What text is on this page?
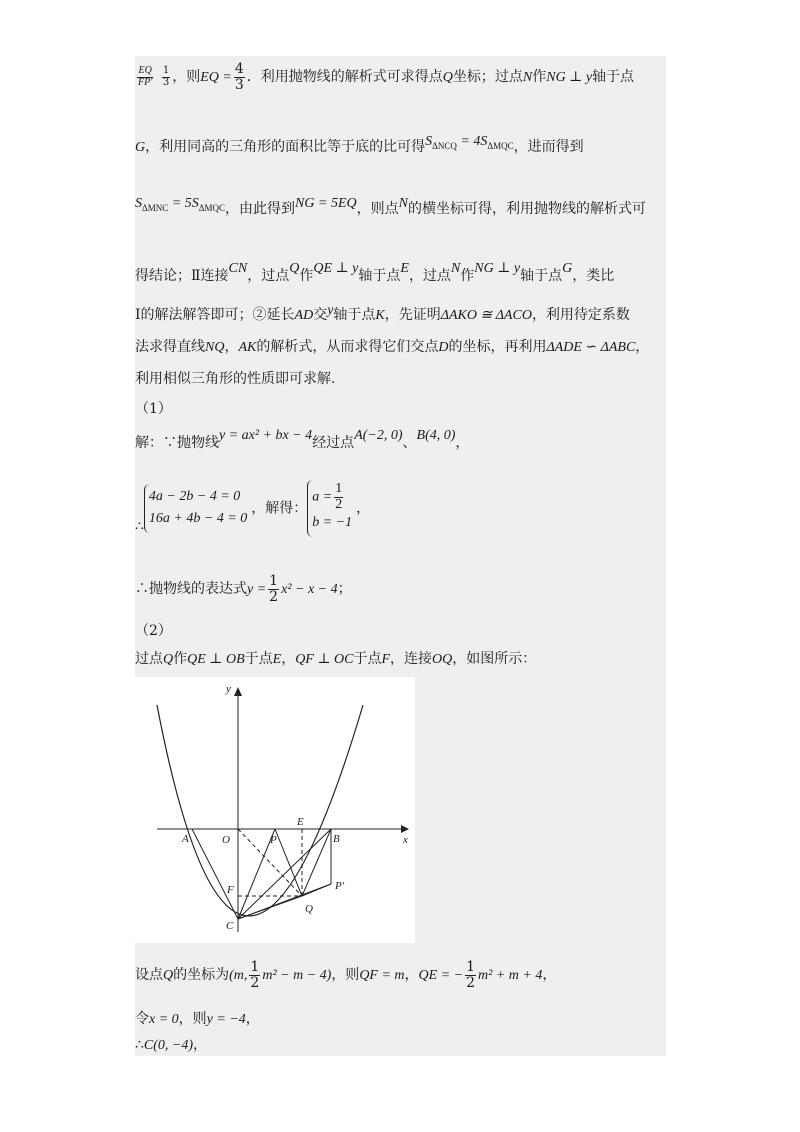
$\frac{EQ}{FP'}$
$\frac{1}{3}$ ，则EQ = $\frac{4}{3}$ ．利用抛物线的解析式可求得点Q坐标；过点N作NG ⊥ y轴于点
G，利用同高的三角形的面积比等于底的比可得$S_{\Delta NCQ} = 4S_{\Delta MQC}$，进而得到
$S_{\Delta MNC} = 5S_{\Delta MQC}$，由此得到NG = 5EQ，则点N的横坐标可得，利用抛物线的解析式可
得结论；Ⅱ连接CN，过点Q作QE ⊥ y轴于点E，过点N作NG ⊥ y轴于点G，类比
Ⅰ的解法解答即可；②延长AD交y轴于点K，先证明ΔAKO ≅ ΔACO，利用待定系数
法求得直线NQ，AK的解析式，从而求得它们交点D的坐标，再利用ΔADE ∽ ΔABC，
利用相似三角形的性质即可求解.
（1）
解：∵抛物线y = ax² + bx − 4经过点A(−2, 0)、B(4, 0)，
∴
4a − 2b − 4 = 0
16a + 4b − 4 = 0
，解得：
$a = \frac{1}{2}$
b = −1
，
∴抛物线的表达式$y = \frac{1}{2} x^2 - x - 4$；
（2）
过点Q作QE ⊥ OB于点E，QF ⊥ OC于点F，连接OQ，如图所示：
y
x
A	O	P
E
B
F
C
Q
P′
设点Q的坐标为(m, $\frac{1}{2} m^2 - m - 4$)，则QF = m，QE = − $\frac{1}{2} m^2 + m + 4$，
令x = 0，则y = −4，
∴C(0, −4)，
